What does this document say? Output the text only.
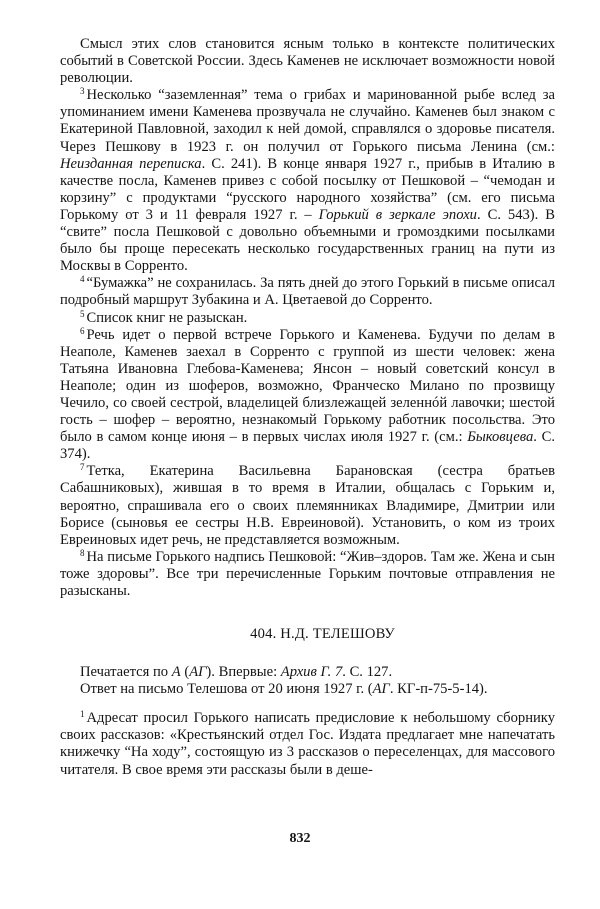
Смысл этих слов становится ясным только в контексте политических событий в Советской России. Здесь Каменев не исключает возможности новой революции.

$^3$ Несколько “заземленная” тема о грибах и маринованной рыбе вслед за упоминанием имени Каменева прозвучала не случайно. Каменев был знаком с Екатериной Павловной, заходил к ней домой, справлялся о здоровье писателя. Через Пешкову в 1923 г. он получил от Горького письма Ленина (см.: Неизданная переписка. С. 241). В конце января 1927 г., прибыв в Италию в качестве посла, Каменев привез с собой посылку от Пешковой – “чемодан и корзину” с продуктами “русского народного хозяйства” (см. его письма Горькому от 3 и 11 февраля 1927 г. – Горький в зеркале эпохи. С. 543). В “свите” посла Пешковой с довольно объемными и громоздкими посылками было бы проще пересекать несколько государственных границ на пути из Москвы в Сорренто.

$^4$ “Бумажка” не сохранилась. За пять дней до этого Горький в письме описал подробный маршрут Зубакина и А. Цветаевой до Сорренто.

$^5$ Список книг не разыскан.

$^6$ Речь идет о первой встрече Горького и Каменева. Будучи по делам в Неаполе, Каменев заехал в Сорренто с группой из шести человек: жена Татьяна Ивановна Глебова-Каменева; Янсон – новый советский консул в Неаполе; один из шоферов, возможно, Франческо Милано по прозвищу Чечило, со своей сестрой, владелицей близлежащей зеленнóй лавочки; шестой гость – шофер – вероятно, незнакомый Горькому работник посольства. Это было в самом конце июня – в первых числах июля 1927 г. (см.: Быковцева. С. 374).

$^7$ Тетка, Екатерина Васильевна Барановская (сестра братьев Сабашниковых), жившая в то время в Италии, общалась с Горьким и, вероятно, спрашивала его о своих племянниках Владимире, Дмитрии или Борисе (сыновья ее сестры Н.В. Евреиновой). Установить, о ком из троих Евреиновых идет речь, не представляется возможным.

$^8$ На письме Горького надпись Пешковой: “Жив–здоров. Там же. Жена и сын тоже здоровы”. Все три перечисленные Горьким почтовые отправления не разысканы.

404. Н.Д. ТЕЛЕШОВУ

Печатается по А (АГ). Впервые: Архив Г. 7. С. 127.

Ответ на письмо Телешова от 20 июня 1927 г. (АГ. КГ-п-75-5-14).

$^1$ Адресат просил Горького написать предисловие к небольшому сборнику своих рассказов: «Крестьянский отдел Гос. Издата предлагает мне напечатать книжечку “На ходу”, состоящую из 3 рассказов о переселенцах, для массового читателя. В свое время эти рассказы были в деше-

832
